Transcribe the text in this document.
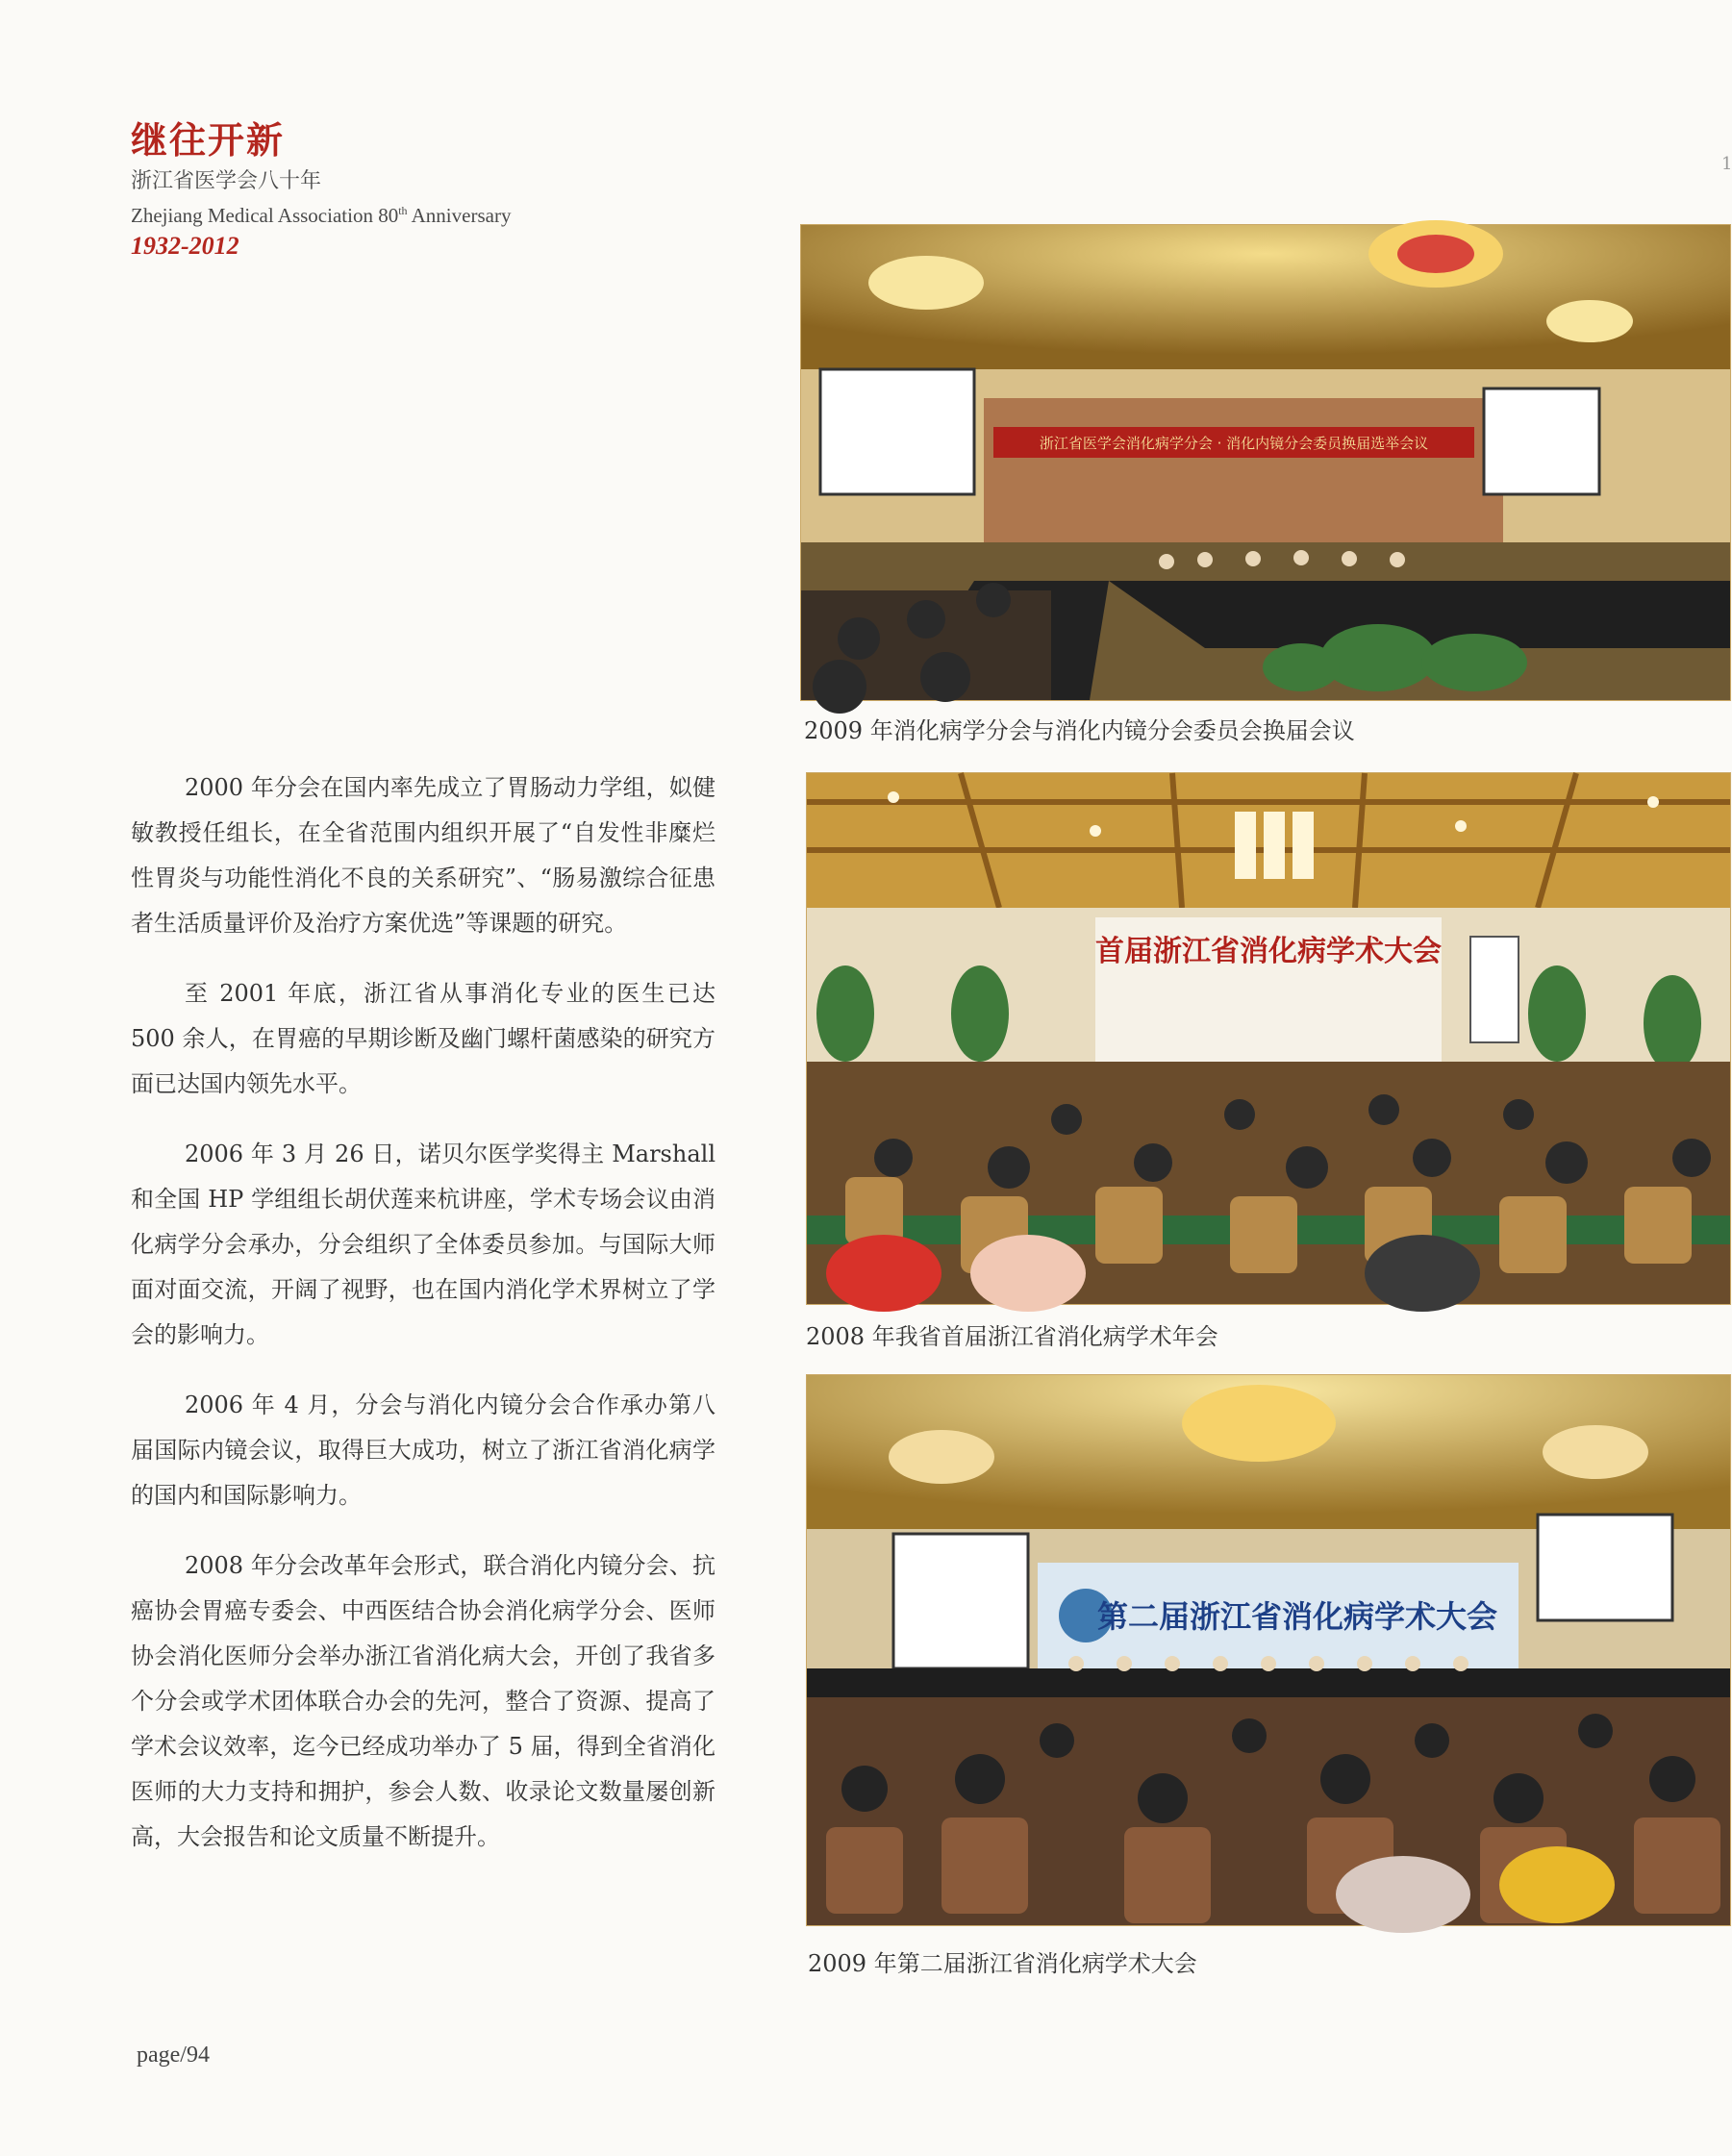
继往开新
浙江省医学会八十年
Zhejiang Medical Association 80th Anniversary
1932-2012
1

2000 年分会在国内率先成立了胃肠动力学组，姒健敏教授任组长，在全省范围内组织开展了“自发性非糜烂性胃炎与功能性消化不良的关系研究”、“肠易激综合征患者生活质量评价及治疗方案优选”等课题的研究。

至 2001 年底，浙江省从事消化专业的医生已达 500 余人，在胃癌的早期诊断及幽门螺杆菌感染的研究方面已达国内领先水平。

2006 年 3 月 26 日，诺贝尔医学奖得主 Marshall 和全国 HP 学组组长胡伏莲来杭讲座，学术专场会议由消化病学分会承办，分会组织了全体委员参加。与国际大师面对面交流，开阔了视野，也在国内消化学术界树立了学会的影响力。

2006 年 4 月，分会与消化内镜分会合作承办第八届国际内镜会议，取得巨大成功，树立了浙江省消化病学的国内和国际影响力。

2008 年分会改革年会形式，联合消化内镜分会、抗癌协会胃癌专委会、中西医结合协会消化病学分会、医师协会消化医师分会举办浙江省消化病大会，开创了我省多个分会或学术团体联合办会的先河，整合了资源、提高了学术会议效率，迄今已经成功举办了 5 届，得到全省消化医师的大力支持和拥护，参会人数、收录论文数量屡创新高，大会报告和论文质量不断提升。

浙江省医学会消化病学分会 · 消化内镜分会委员换届选举会议
2009 年消化病学分会与消化内镜分会委员会换届会议
首届浙江省消化病学术大会
2008 年我省首届浙江省消化病学术年会
第二届浙江省消化病学术大会
2009 年第二届浙江省消化病学术大会
page/94
